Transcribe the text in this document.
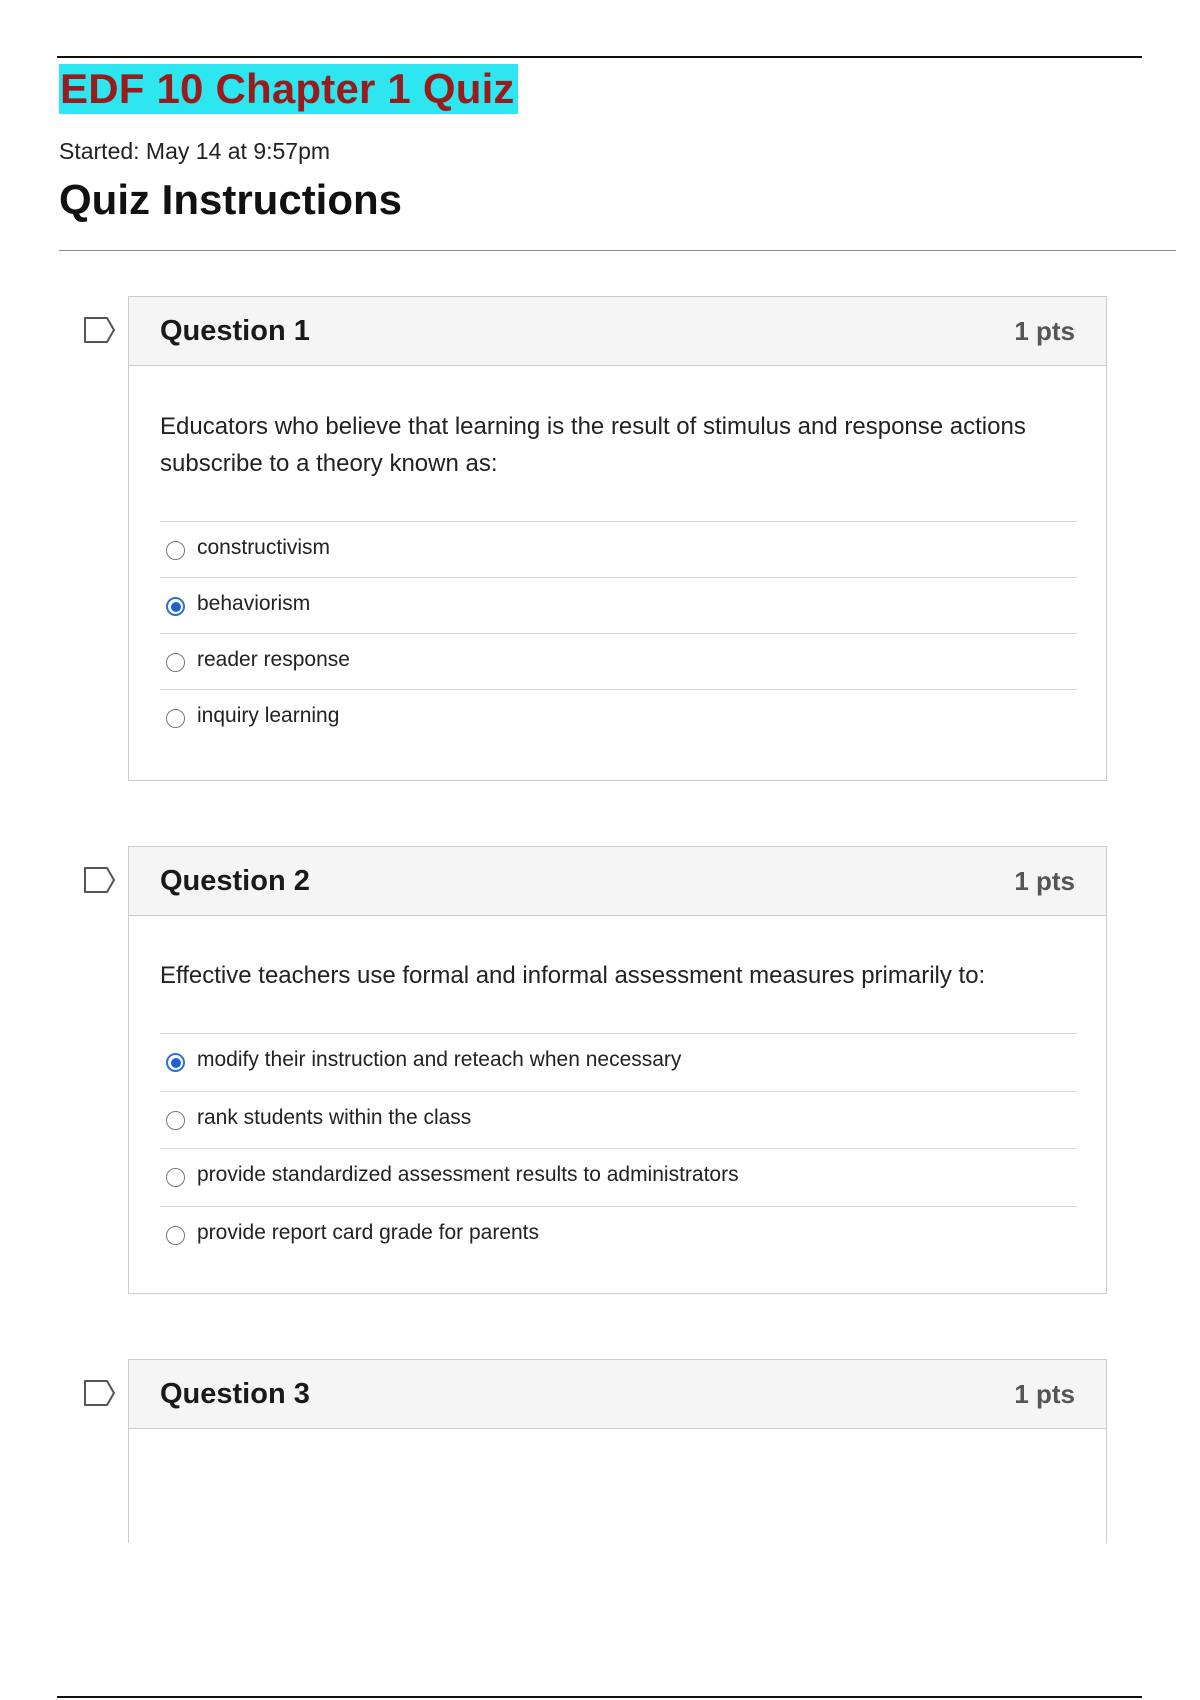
EDF 10 Chapter 1 Quiz
Started: May 14 at 9:57pm
Quiz Instructions
Question 1	1 pts
Educators who believe that learning is the result of stimulus and response actions subscribe to a theory known as:
constructivism
behaviorism
reader response
inquiry learning
Question 2	1 pts
Effective teachers use formal and informal assessment measures primarily to:
modify their instruction and reteach when necessary
rank students within the class
provide standardized assessment results to administrators
provide report card grade for parents
Question 3	1 pts
